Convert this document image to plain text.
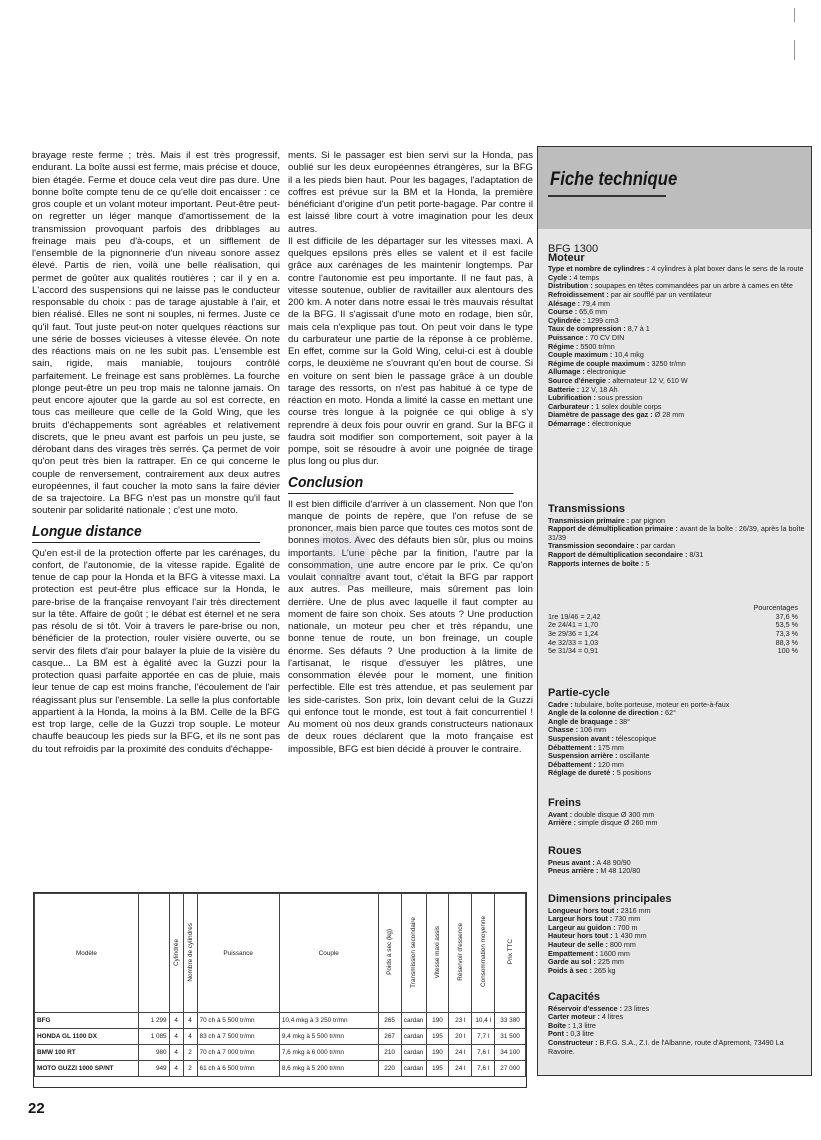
brayage reste ferme ; très. Mais il est très progressif, endurant. La boîte aussi est ferme, mais précise et douce, bien étagée. Ferme et douce cela veut dire pas dure. Une bonne boîte compte tenu de ce qu'elle doit encaisser : ce gros couple et un volant moteur important. Peut-être peut-on regretter un léger manque d'amortissement de la transmission provoquant parfois des dribblages au freinage mais peu d'à-coups, et un sifflement de l'ensemble de la pignonnerie d'un niveau sonore assez élevé. Partis de rien, voilà une belle réalisation, qui permet de goûter aux qualités routières ; car il y en a. L'accord des suspensions qui ne laisse pas le conducteur responsable du choix : pas de tarage ajustable à l'air, et bien réalisé. Elles ne sont ni souples, ni fermes. Juste ce qu'il faut. Tout juste peut-on noter quelques réactions sur une série de bosses vicieuses à vitesse élevée. On note des réactions mais on ne les subit pas. L'ensemble est sain, rigide, mais maniable, toujours contrôlé parfaitement. Le freinage est sans problèmes. La fourche plonge peut-être un peu trop mais ne talonne jamais. On peut encore ajouter que la garde au sol est correcte, en tous cas meilleure que celle de la Gold Wing, que les bruits d'échappements sont agréables et relativement discrets, que le pneu avant est parfois un peu juste, se dérobant dans des virages très serrés. Ça permet de voir qu'on peut très bien la rattraper. En ce qui concerne le couple de renversement, contrairement aux deux autres européennes, il faut coucher la moto sans la faire dévier de sa trajectoire. La BFG n'est pas un monstre qu'il faut soutenir par solidarité nationale ; c'est une moto.

Longue distance

Qu'en est-il de la protection offerte par les carénages, du confort, de l'autonomie, de la vitesse rapide. Egalité de tenue de cap pour la Honda et la BFG à vitesse maxi. La protection est peut-être plus efficace sur la Honda, le pare-brise de la française renvoyant l'air très directement sur la tête. Affaire de goût ; le débat est éternel et ne sera pas résolu de si tôt. Voir à travers le pare-brise ou non, bénéficier de la protection, rouler visière ouverte, ou se servir des filets d'air pour balayer la pluie de la visière du casque... La BM est à égalité avec la Guzzi pour la protection quasi parfaite apportée en cas de pluie, mais leur tenue de cap est moins franche, l'écoulement de l'air réagissant plus sur l'ensemble. La selle la plus confortable appartient à la Honda, la moins à la BM. Celle de la BFG est trop large, celle de la Guzzi trop souple. Le moteur chauffe beaucoup les pieds sur la BFG, et ils ne sont pas du tout refroidis par la proximité des conduits d'échappe-

ments. Si le passager est bien servi sur la Honda, pas oublié sur les deux européennes étrangères, sur la BFG il a les pieds bien haut. Pour les bagages, l'adaptation de coffres est prévue sur la BM et la Honda, la première bénéficiant d'origine d'un petit porte-bagage. Par contre il est laissé libre court à votre imagination pour les deux autres.

Il est difficile de les départager sur les vitesses maxi. A quelques epsilons près elles se valent et il est facile grâce aux carénages de les maintenir longtemps. Par contre l'autonomie est peu importante. Il ne faut pas, à vitesse soutenue, oublier de ravitailler aux alentours des 200 km. A noter dans notre essai le très mauvais résultat de la BFG. Il s'agissait d'une moto en rodage, bien sûr, mais cela n'explique pas tout. On peut voir dans le type du carburateur une partie de la réponse à ce problème. En effet, comme sur la Gold Wing, celui-ci est à double corps, le deuxième ne s'ouvrant qu'en bout de course. Si en voiture on sent bien le passage grâce à un double tarage des ressorts, on n'est pas habitué à ce type de réaction en moto. Honda a limité la casse en mettant une course très longue à la poignée ce qui oblige à s'y reprendre à deux fois pour ouvrir en grand. Sur la BFG il faudra soit modifier son comportement, soit payer à la pompe, soit se résoudre à avoir une poignée de tirage plus long ou plus dur.

Conclusion

Il est bien difficile d'arriver à un classement. Non que l'on manque de points de repère, que l'on refuse de se prononcer, mais bien parce que toutes ces motos sont de bonnes motos. Avec des défauts bien sûr, plus ou moins importants. L'une pêche par la finition, l'autre par la consommation, une autre encore par le prix. Ce qu'on voulait connaître avant tout, c'était la BFG par rapport aux autres. Pas meilleure, mais sûrement pas loin derrière. Une de plus avec laquelle il faut compter au moment de faire son choix. Ses atouts ? Une production nationale, un moteur peu cher et très répandu, une bonne tenue de route, un bon freinage, un couple énorme. Ses défauts ? Une production à la limite de l'artisanat, le risque d'essuyer les plâtres, une consommation élevée pour le moment, une finition perfectible. Elle est très attendue, et pas seulement par les side-caristes. Son prix, loin devant celui de la Guzzi qui enfonce tout le monde, est tout à fait concurrentiel ! Au moment où nos deux grands constructeurs nationaux de deux roues déclarent que la moto française est impossible, BFG est bien décidé à prouver le contraire.

Fiche technique
BFG 1300
Moteur
Type et nombre de cylindres : 4 cylindres à plat boxer dans le sens de la route
Cycle : 4 temps
Distribution : soupapes en têtes commandées par un arbre à cames en tête
Refroidissement : par air soufflé par un ventilateur
Alésage : 79,4 mm
Course : 65,6 mm
Cylindrée : 1299 cm3
Taux de compression : 8,7 à 1
Puissance : 70 CV DIN
Régime : 5500 tr/mn
Couple maximum : 10,4 mkg
Régime de couple maximum : 3250 tr/mn
Allumage : électronique
Source d'énergie : alternateur 12 V, 610 W
Batterie : 12 V, 18 Ah
Lubrification : sous pression
Carburateur : 1 solex double corps
Diamètre de passage des gaz : Ø 28 mm
Démarrage : électronique
Transmissions
Transmission primaire : par pignon
Rapport de démultiplication primaire : avant de la boîte : 26/39, après la boîte 31/39
Transmission secondaire : par cardan
Rapport de démultiplication secondaire : 8/31
Rapports internes de boîte : 5
Pourcentages
1re 19/46 = 2,42	37,6 %
2e 24/41 = 1,70	53,5 %
3e 29/36 = 1,24	73,3 %
4e 32/33 = 1,03	88,3 %
5e 31/34 = 0,91	100 %
Partie-cycle
Cadre : tubulaire, boîte porteuse, moteur en porte-à-faux
Angle de la colonne de direction : 62°
Angle de braquage : 38°
Chasse : 106 mm
Suspension avant : télescopique
Débattement : 175 mm
Suspension arrière : oscillante
Débattement : 120 mm
Réglage de dureté : 5 positions
Freins
Avant : double disque Ø 300 mm
Arrière : simple disque Ø 260 mm
Roues
Pneus avant : A 48 90/90
Pneus arrière : M 48 120/80
Dimensions principales
Longueur hors tout : 2316 mm
Largeur hors tout : 730 mm
Largeur au guidon : 700 m
Hauteur hors tout : 1 430 mm
Hauteur de selle : 800 mm
Empattement : 1600 mm
Garde au sol : 225 mm
Poids à sec : 265 kg
Capacités
Réservoir d'essence : 23 litres
Carter moteur : 4 litres
Boîte : 1,3 litre
Pont : 0,3 litre
Constructeur : B.F.G. S.A., Z.I. de l'Albanne, route d'Apremont, 73490 La Ravoire.
Modèle		Cylindrée	Nombre de cylindres	Puissance	Couple	Poids à sec (kg)	Transmission secondaire	Vitesse maxi assis	Réservoir d'essence	Consommation moyenne	Prix TTC
BFG	1 299	4	4	70 ch à 5 500 tr/mn	10,4 mkg à 3 250 tr/mn	265	cardan	190	23 l	10,4 l	33 380
HONDA GL 1100 DX	1 085	4	4	83 ch à 7 500 tr/mn	9,4 mkg à 5 500 tr/mn	267	cardan	195	20 l	7,7 l	31 500
BMW 100 RT	980	4	2	70 ch à 7 000 tr/mn	7,6 mkg à 6 000 tr/mn	210	cardan	190	24 l	7,6 l	34 100
MOTO GUZZI 1000 SP/NT	949	4	2	61 ch à 6 500 tr/mn	8,6 mkg à 5 200 tr/mn	220	cardan	195	24 l	7,6 l	27 000
22
